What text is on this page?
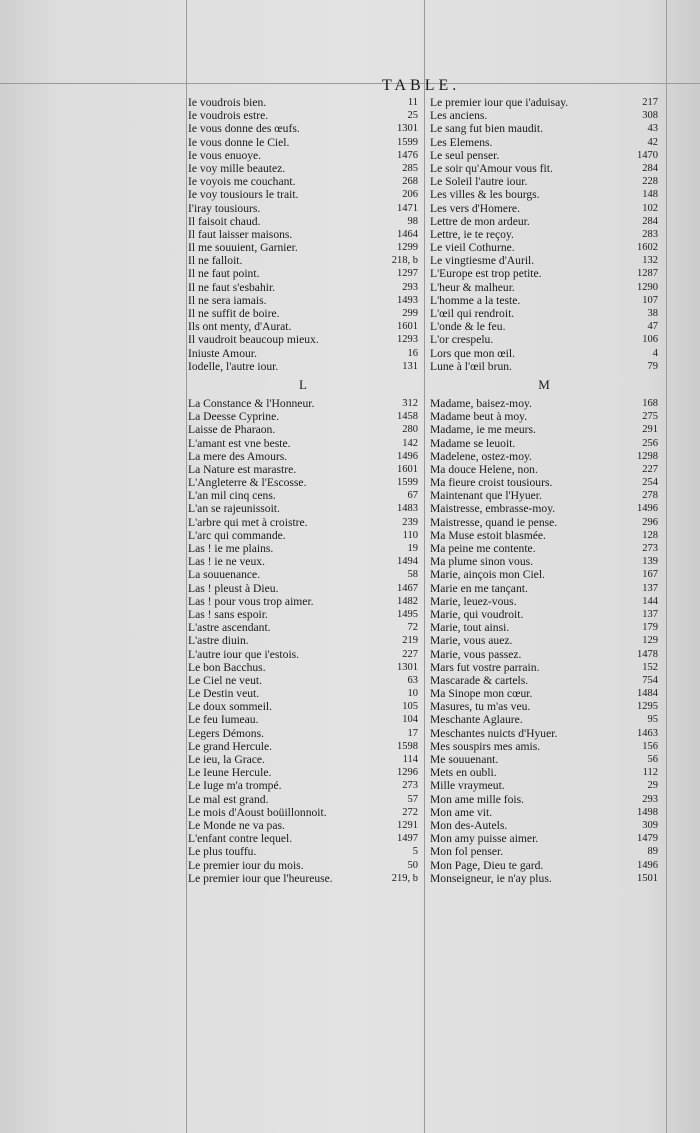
TABLE.
Ie voudrois bien.	11
Ie voudrois estre.	25
Ie vous donne des œufs.	1301
Ie vous donne le Ciel.	1599
Ie vous enuoye.	1476
Ie voy mille beautez.	285
Ie voyois me couchant.	268
Ie voy tousiours le trait.	206
I'iray tousiours.	1471
Il faisoit chaud.	98
Il faut laisser maisons.	1464
Il me souuient, Garnier.	1299
Il ne falloit.	218, b
Il ne faut point.	1297
Il ne faut s'esbahir.	293
Il ne sera iamais.	1493
Il ne suffit de boire.	299
Ils ont menty, d'Aurat.	1601
Il vaudroit beaucoup mieux.	1293
Iniuste Amour.	16
Iodelle, l'autre iour.	131
L
La Constance & l'Honneur.	312
La Deesse Cyprine.	1458
Laisse de Pharaon.	280
L'amant est vne beste.	142
La mere des Amours.	1496
La Nature est marastre.	1601
L'Angleterre & l'Escosse.	1599
L'an mil cinq cens.	67
L'an se rajeunissoit.	1483
L'arbre qui met à croistre.	239
L'arc qui commande.	110
Las ! ie me plains.	19
Las ! ie ne veux.	1494
La souuenance.	58
Las ! pleust à Dieu.	1467
Las ! pour vous trop aimer.	1482
Las ! sans espoir.	1495
L'astre ascendant.	72
L'astre diuin.	219
L'autre iour que i'estois.	227
Le bon Bacchus.	1301
Le Ciel ne veut.	63
Le Destin veut.	10
Le doux sommeil.	105
Le feu Iumeau.	104
Legers Démons.	17
Le grand Hercule.	1598
Le ieu, la Grace.	114
Le Ieune Hercule.	1296
Le Iuge m'a trompé.	273
Le mal est grand.	57
Le mois d'Aoust boüillonnoit.	272
Le Monde ne va pas.	1291
L'enfant contre lequel.	1497
Le plus touffu.	5
Le premier iour du mois.	50
Le premier iour que l'heureuse.	219, b
Le premier iour que i'aduisay.	217
Les anciens.	308
Le sang fut bien maudit.	43
Les Elemens.	42
Le seul penser.	1470
Le soir qu'Amour vous fit.	284
Le Soleil l'autre iour.	228
Les villes & les bourgs.	148
Les vers d'Homere.	102
Lettre de mon ardeur.	284
Lettre, ie te reçoy.	283
Le vieil Cothurne.	1602
Le vingtiesme d'Auril.	132
L'Europe est trop petite.	1287
L'heur & malheur.	1290
L'homme a la teste.	107
L'œil qui rendroit.	38
L'onde & le feu.	47
L'or crespelu.	106
Lors que mon œil.	4
Lune à l'œil brun.	79
M
Madame, baisez-moy.	168
Madame beut à moy.	275
Madame, ie me meurs.	291
Madame se leuoit.	256
Madelene, ostez-moy.	1298
Ma douce Helene, non.	227
Ma fieure croist tousiours.	254
Maintenant que l'Hyuer.	278
Maistresse, embrasse-moy.	1496
Maistresse, quand ie pense.	296
Ma Muse estoit blasmée.	128
Ma peine me contente.	273
Ma plume sinon vous.	139
Marie, ainçois mon Ciel.	167
Marie en me tançant.	137
Marie, leuez-vous.	144
Marie, qui voudroit.	137
Marie, tout ainsi.	179
Marie, vous auez.	129
Marie, vous passez.	1478
Mars fut vostre parrain.	152
Mascarade & cartels.	754
Ma Sinope mon cœur.	1484
Masures, tu m'as veu.	1295
Meschante Aglaure.	95
Meschantes nuicts d'Hyuer.	1463
Mes souspirs mes amis.	156
Me souuenant.	56
Mets en oubli.	112
Mille vraymeut.	29
Mon ame mille fois.	293
Mon ame vit.	1498
Mon des-Autels.	309
Mon amy puisse aimer.	1479
Mon fol penser.	89
Mon Page, Dieu te gard.	1496
Monseigneur, ie n'ay plus.	1501
